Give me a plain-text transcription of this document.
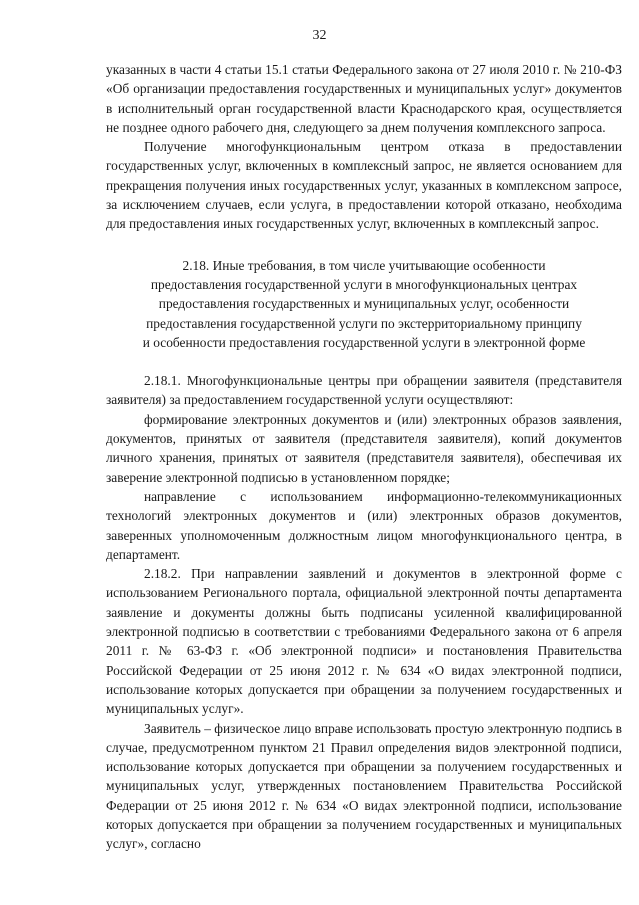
32

указанных в части 4 статьи 15.1 статьи Федерального закона от 27 июля 2010 г. № 210-ФЗ «Об организации предоставления государственных и муниципальных услуг» документов в исполнительный орган государственной власти Краснодарского края, осуществляется не позднее одного рабочего дня, следующего за днем получения комплексного запроса.

Получение многофункциональным центром отказа в предоставлении государственных услуг, включенных в комплексный запрос, не является основанием для прекращения получения иных государственных услуг, указанных в комплексном запросе, за исключением случаев, если услуга, в предоставлении которой отказано, необходима для предоставления иных государственных услуг, включенных в комплексный запрос.

2.18. Иные требования, в том числе учитывающие особенности
предоставления государственной услуги в многофункциональных центрах
предоставления государственных и муниципальных услуг, особенности
предоставления государственной услуги по экстерриториальному принципу
и особенности предоставления государственной услуги в электронной форме

2.18.1. Многофункциональные центры при обращении заявителя (представителя заявителя) за предоставлением государственной услуги осуществляют:

формирование электронных документов и (или) электронных образов заявления, документов, принятых от заявителя (представителя заявителя), копий документов личного хранения, принятых от заявителя (представителя заявителя), обеспечивая их заверение электронной подписью в установленном порядке;

направление с использованием информационно-телекоммуникационных технологий электронных документов и (или) электронных образов документов, заверенных уполномоченным должностным лицом многофункционального центра, в департамент.

2.18.2. При направлении заявлений и документов в электронной форме с использованием Регионального портала, официальной электронной почты департамента заявление и документы должны быть подписаны усиленной квалифицированной электронной подписью в соответствии с требованиями Федерального закона от 6 апреля 2011 г. № 63-ФЗ г. «Об электронной подписи» и постановления Правительства Российской Федерации от 25 июня 2012 г. № 634 «О видах электронной подписи, использование которых допускается при обращении за получением государственных и муниципальных услуг».

Заявитель – физическое лицо вправе использовать простую электронную подпись в случае, предусмотренном пунктом 21 Правил определения видов электронной подписи, использование которых допускается при обращении за получением государственных и муниципальных услуг, утвержденных постановлением Правительства Российской Федерации от 25 июня 2012 г. № 634 «О видах электронной подписи, использование которых допускается при обращении за получением государственных и муниципальных услуг», согласно
